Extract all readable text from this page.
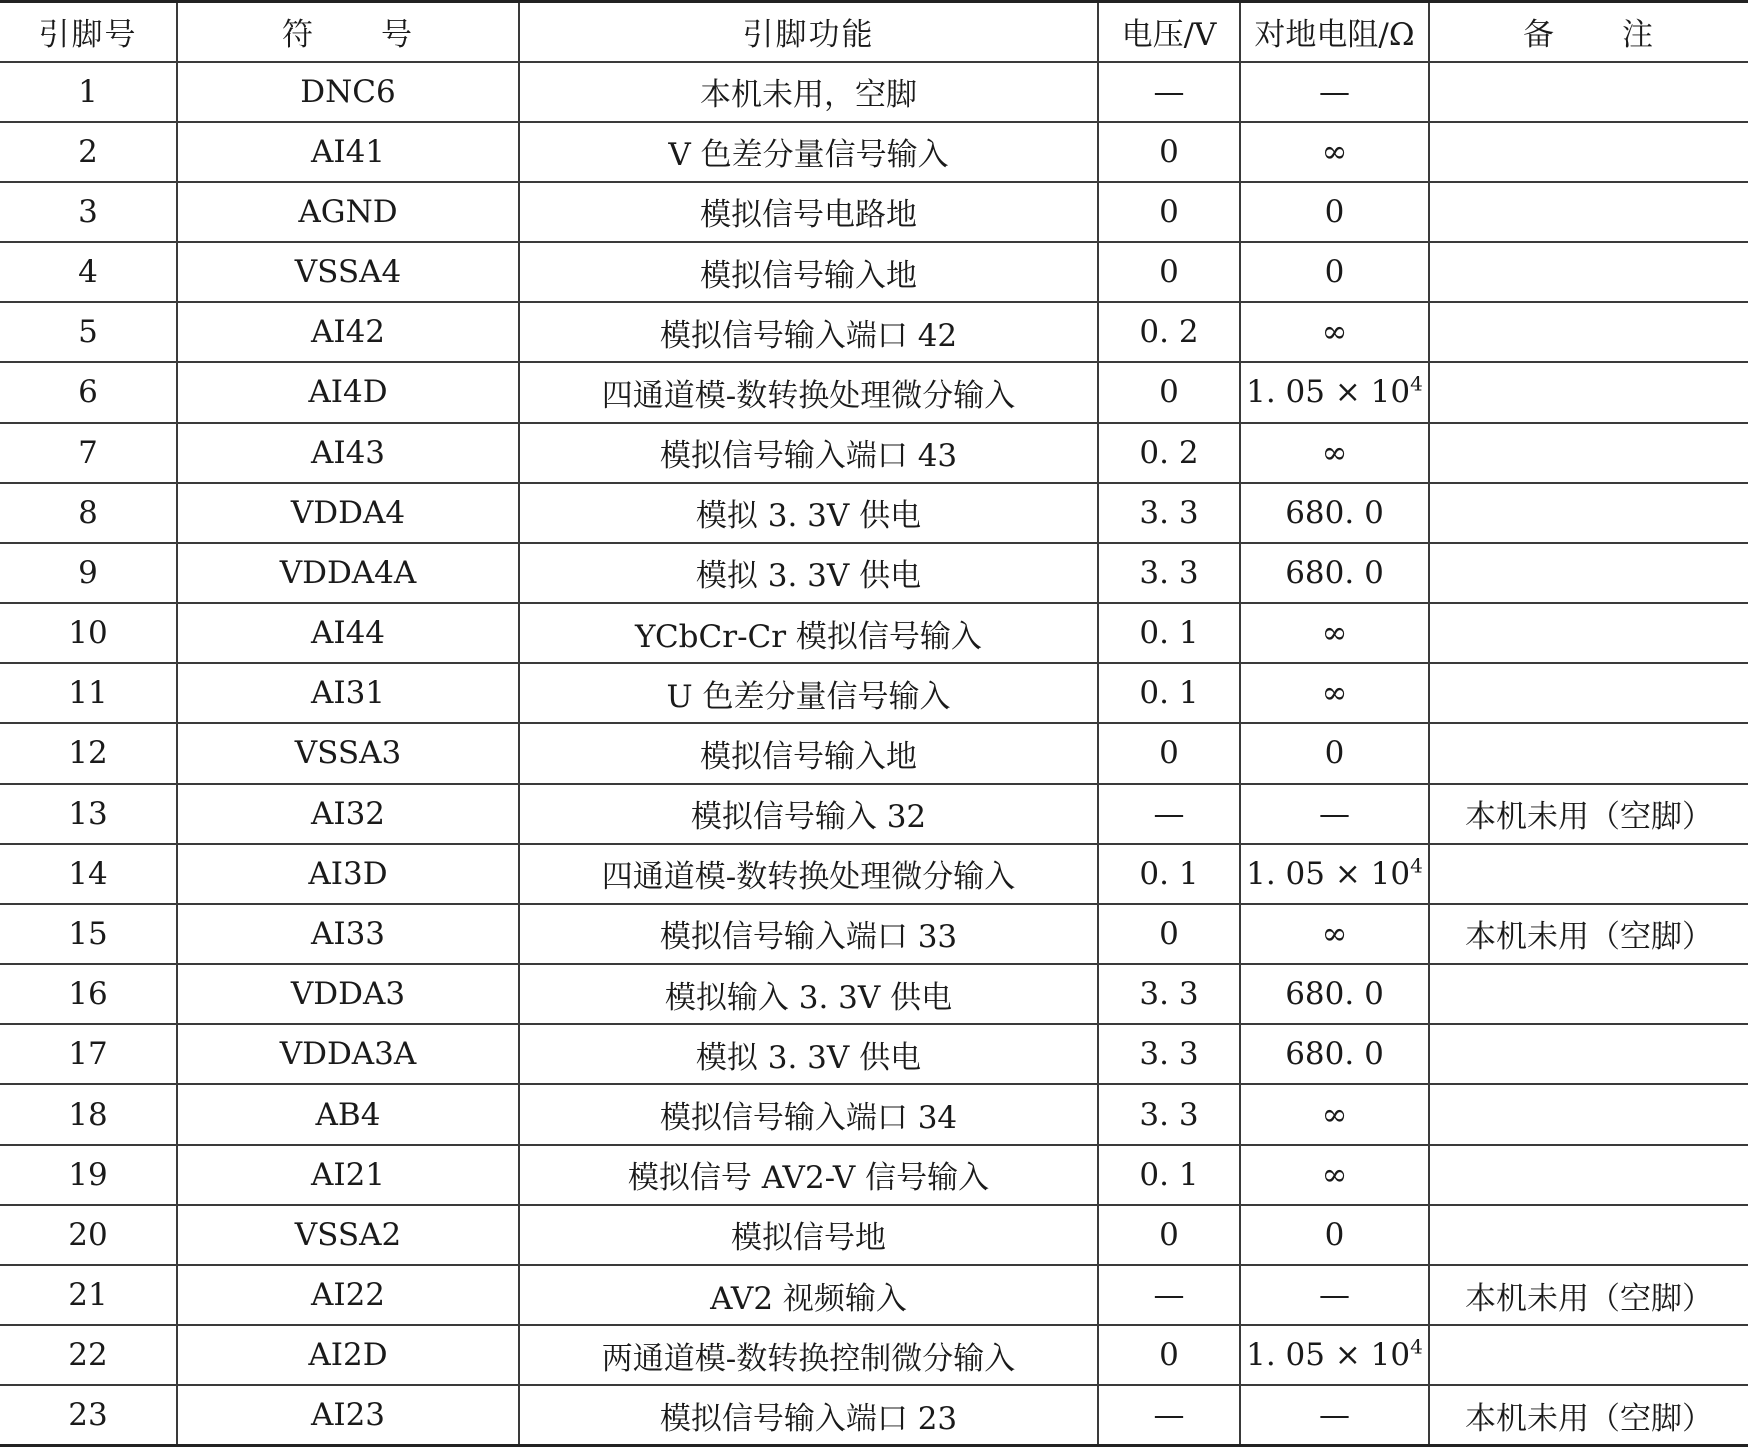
引脚号	符　　号	引脚功能	电压/V	对地电阻/Ω	备　　注
1	DNC6	本机未用，空脚	—	—	
2	AI41	V 色差分量信号输入	0	∞	
3	AGND	模拟信号电路地	0	0	
4	VSSA4	模拟信号输入地	0	0	
5	AI42	模拟信号输入端口 42	0. 2	∞	
6	AI4D	四通道模-数转换处理微分输入	0	1. $05 \times 10^4$	
7	AI43	模拟信号输入端口 43	0. 2	∞	
8	VDDA4	模拟 3. 3V 供电	3. 3	680. 0	
9	VDDA4A	模拟 3. 3V 供电	3. 3	680. 0	
10	AI44	YCbCr-Cr 模拟信号输入	0. 1	∞	
11	AI31	U 色差分量信号输入	0. 1	∞	
12	VSSA3	模拟信号输入地	0	0	
13	AI32	模拟信号输入 32	—	—	本机未用（空脚）
14	AI3D	四通道模-数转换处理微分输入	0. 1	1. $05 \times 10^4$	
15	AI33	模拟信号输入端口 33	0	∞	本机未用（空脚）
16	VDDA3	模拟输入 3. 3V 供电	3. 3	680. 0	
17	VDDA3A	模拟 3. 3V 供电	3. 3	680. 0	
18	AB4	模拟信号输入端口 34	3. 3	∞	
19	AI21	模拟信号 AV2-V 信号输入	0. 1	∞	
20	VSSA2	模拟信号地	0	0	
21	AI22	AV2 视频输入	—	—	本机未用（空脚）
22	AI2D	两通道模-数转换控制微分输入	0	1. $05 \times 10^4$	
23	AI23	模拟信号输入端口 23	—	—	本机未用（空脚）
